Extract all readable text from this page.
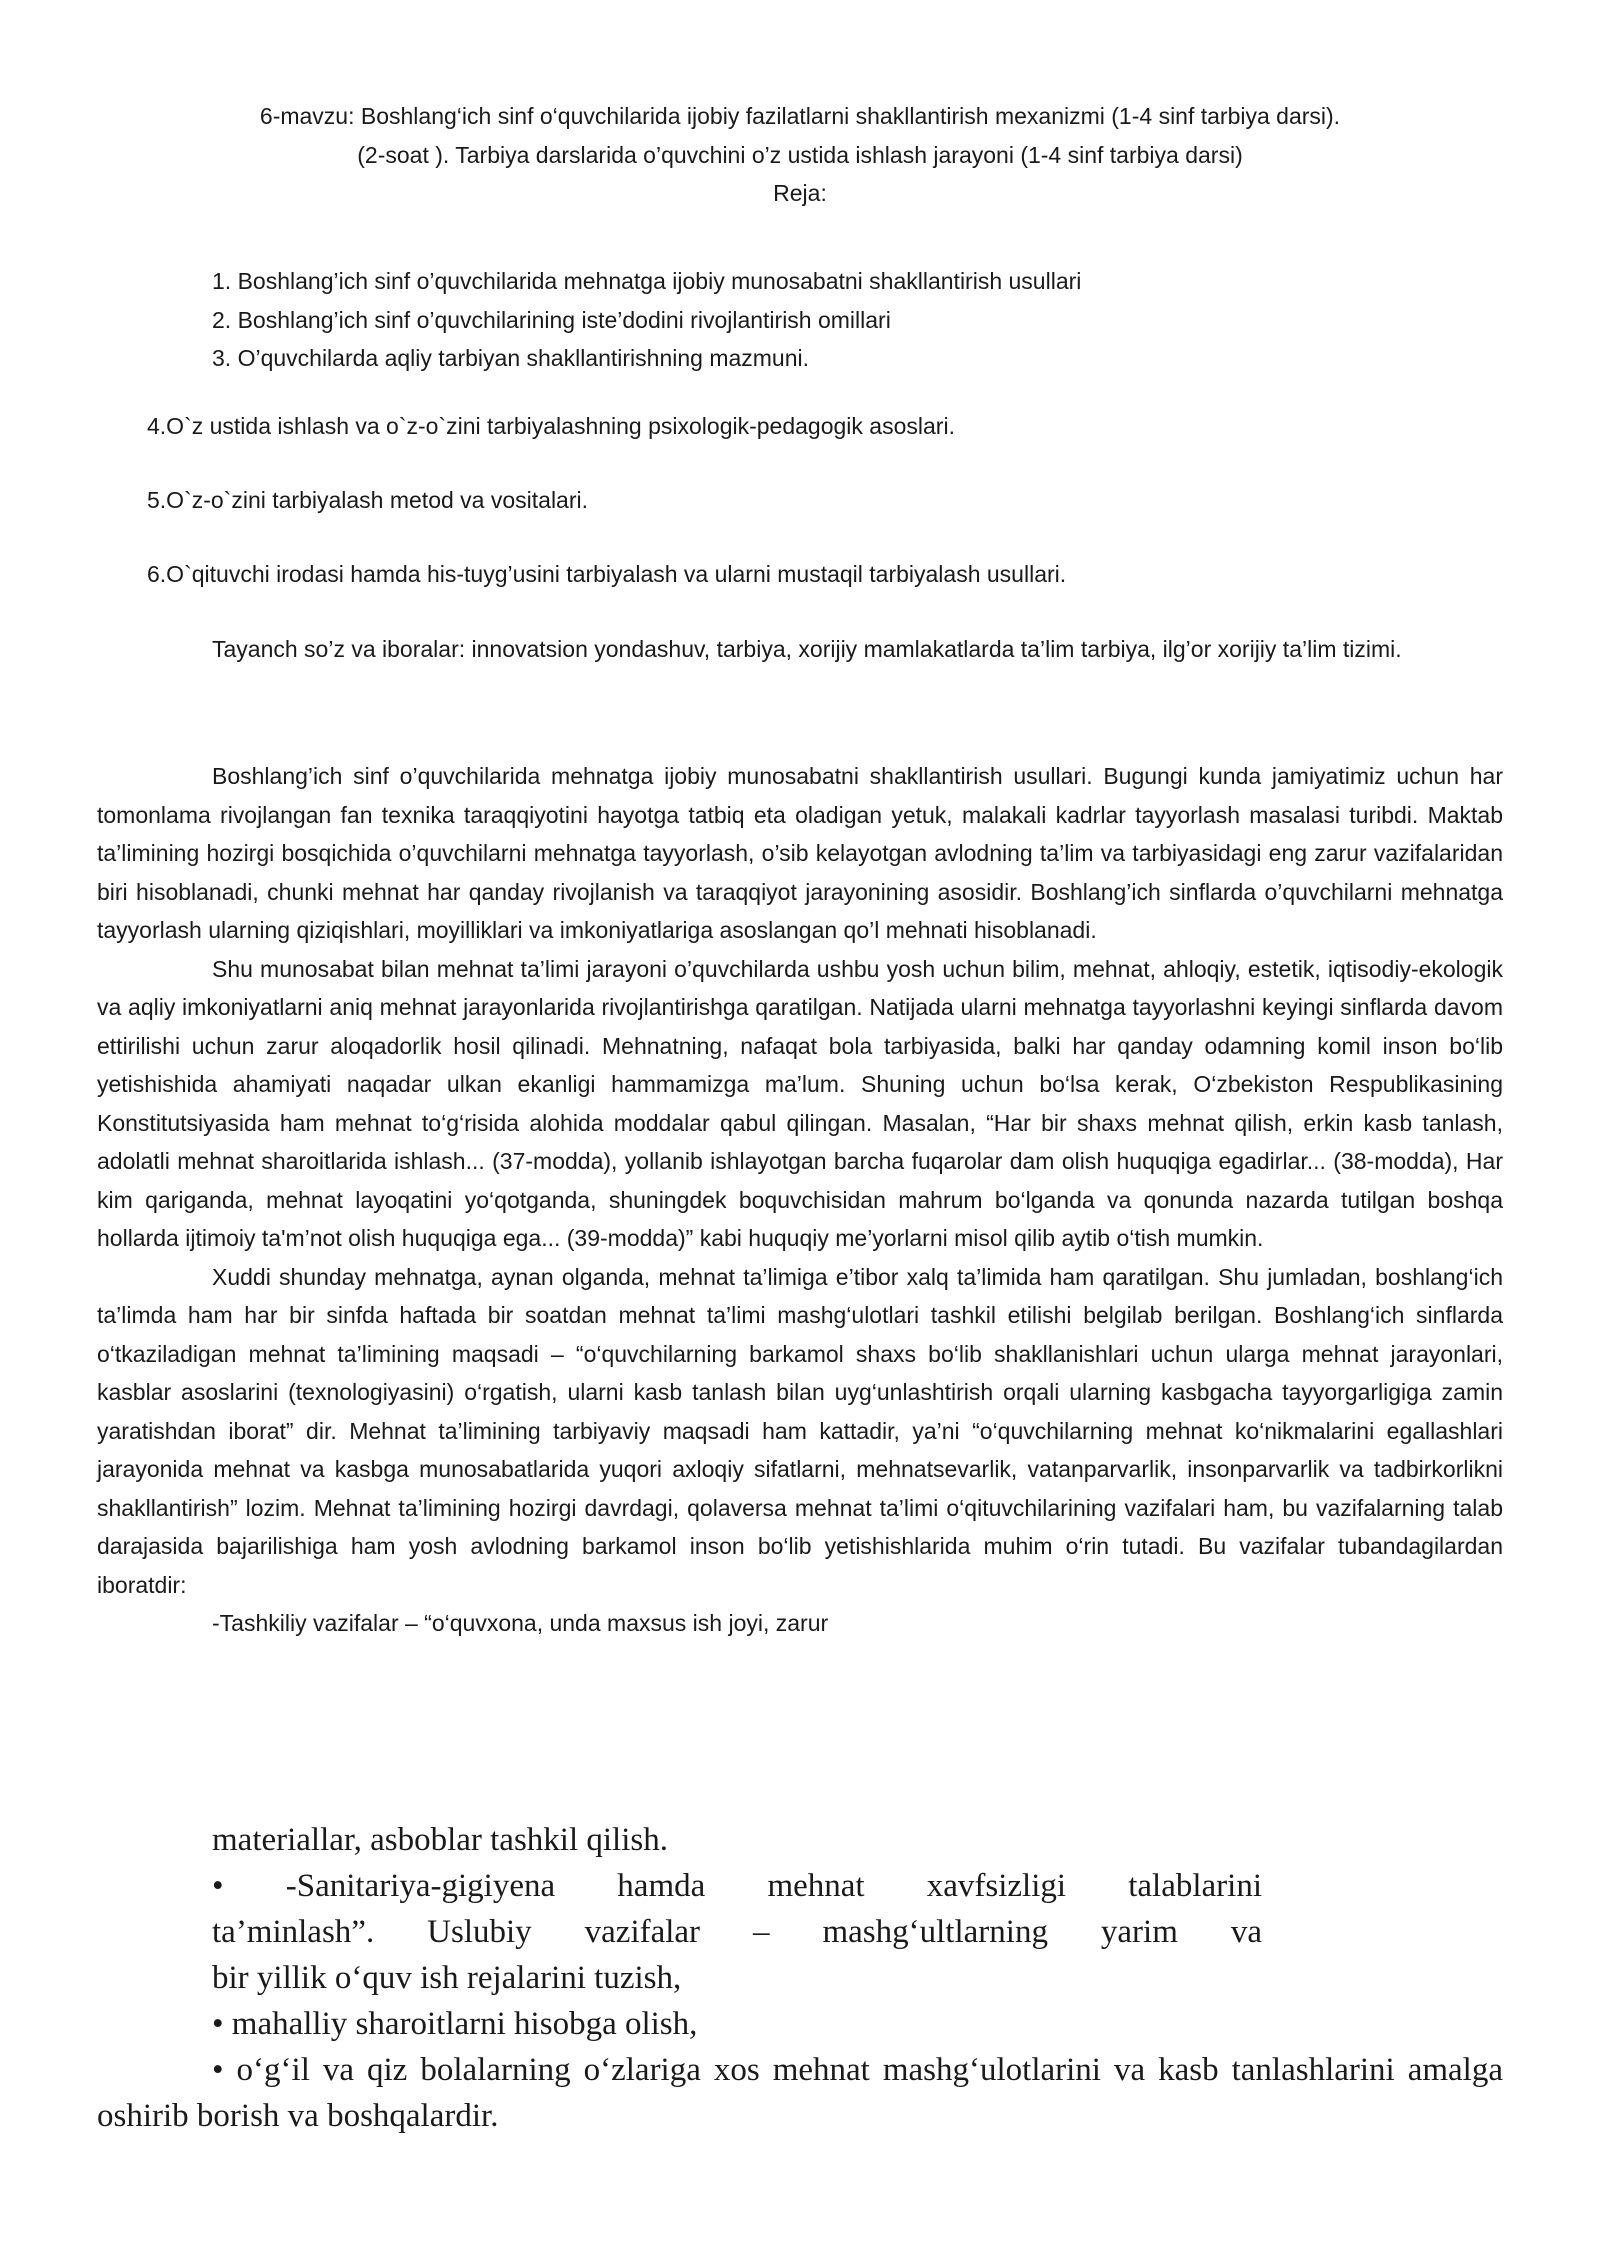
6-mavzu: Boshlang‘ich sinf o‘quvchilarida ijobiy fazilatlarni shakllantirish mexanizmi (1-4 sinf tarbiya darsi).
(2-soat ). Tarbiya darslarida o’quvchini o’z ustida ishlash jarayoni (1-4 sinf tarbiya darsi)
Reja:
1. Boshlang’ich sinf o’quvchilarida mehnatga ijobiy munosabatni shakllantirish usullari
2. Boshlang’ich sinf o’quvchilarining iste’dodini rivojlantirish omillari
3. O’quvchilarda aqliy tarbiyan shakllantirishning mazmuni.
4.O`z ustida ishlash va o`z-o`zini tarbiyalashning psixologik-pedagogik asoslari.
5.O`z-o`zini tarbiyalash metod va vositalari.
6.O`qituvchi irodasi hamda his-tuyg’usini tarbiyalash va ularni mustaqil tarbiyalash usullari.
Tayanch so’z va iboralar: innovatsion yondashuv, tarbiya, xorijiy mamlakatlarda ta’lim tarbiya, ilg’or xorijiy ta’lim tizimi.

Boshlang’ich sinf o’quvchilarida mehnatga ijobiy munosabatni shakllantirish usullari. Bugungi kunda jamiyatimiz uchun har tomonlama rivojlangan fan texnika taraqqiyotini hayotga tatbiq eta oladigan yetuk, malakali kadrlar tayyorlash masalasi turibdi. Maktab ta’limining hozirgi bosqichida o’quvchilarni mehnatga tayyorlash, o’sib kelayotgan avlodning ta’lim va tarbiyasidagi eng zarur vazifalaridan biri hisoblanadi, chunki mehnat har qanday rivojlanish va taraqqiyot jarayonining asosidir. Boshlang’ich sinflarda o’quvchilarni mehnatga tayyorlash ularning qiziqishlari, moyilliklari va imkoniyatlariga asoslangan qo’l mehnati hisoblanadi.

Shu munosabat bilan mehnat ta’limi jarayoni o’quvchilarda ushbu yosh uchun bilim, mehnat, ahloqiy, estetik, iqtisodiy-ekologik va aqliy imkoniyatlarni aniq mehnat jarayonlarida rivojlantirishga qaratilgan. Natijada ularni mehnatga tayyorlashni keyingi sinflarda davom ettirilishi uchun zarur aloqadorlik hosil qilinadi. Mehnatning, nafaqat bola tarbiyasida, balki har qanday odamning komil inson bo‘lib yetishishida ahamiyati naqadar ulkan ekanligi hammamizga ma’lum. Shuning uchun bo‘lsa kerak, O‘zbekiston Respublikasining Konstitutsiyasida ham mehnat to‘g‘risida alohida moddalar qabul qilingan. Masalan, “Har bir shaxs mehnat qilish, erkin kasb tanlash, adolatli mehnat sharoitlarida ishlash... (37-modda), yollanib ishlayotgan barcha fuqarolar dam olish huquqiga egadirlar... (38-modda), Har kim qariganda, mehnat layoqatini yo‘qotganda, shuningdek boquvchisidan mahrum bo‘lganda va qonunda nazarda tutilgan boshqa hollarda ijtimoiy ta'm’not olish huquqiga ega... (39-modda)” kabi huquqiy me’yorlarni misol qilib aytib o‘tish mumkin.

Xuddi shunday mehnatga, aynan olganda, mehnat ta’limiga e’tibor xalq ta’limida ham qaratilgan. Shu jumladan, boshlang‘ich ta’limda ham har bir sinfda haftada bir soatdan mehnat ta’limi mashg‘ulotlari tashkil etilishi belgilab berilgan. Boshlang‘ich sinflarda o‘tkaziladigan mehnat ta’limining maqsadi – “o‘quvchilarning barkamol shaxs bo‘lib shakllanishlari uchun ularga mehnat jarayonlari, kasblar asoslarini (texnologiyasini) o‘rgatish, ularni kasb tanlash bilan uyg‘unlashtirish orqali ularning kasbgacha tayyorgarligiga zamin yaratishdan iborat” dir. Mehnat ta’limining tarbiyaviy maqsadi ham kattadir, ya’ni “o‘quvchilarning mehnat ko‘nikmalarini egallashlari jarayonida mehnat va kasbga munosabatlarida yuqori axloqiy sifatlarni, mehnatsevarlik, vatanparvarlik, insonparvarlik va tadbirkorlikni shakllantirish” lozim. Mehnat ta’limining hozirgi davrdagi, qolaversa mehnat ta’limi o‘qituvchilarining vazifalari ham, bu vazifalarning talab darajasida bajarilishiga ham yosh avlodning barkamol inson bo‘lib yetishishlarida muhim o‘rin tutadi. Bu vazifalar tubandagilardan iboratdir:

-Tashkiliy vazifalar – “o‘quvxona, unda maxsus ish joyi, zarur
materiallar, asboblar tashkil qilish.
• -Sanitariya-gigiyena hamda mehnat xavfsizligi talablarini
ta’minlash”. Uslubiy vazifalar – mashg‘ultlarning yarim va
bir yillik o‘quv ish rejalarini tuzish,
• mahalliy sharoitlarni hisobga olish,
• o‘g‘il va qiz bolalarning o‘zlariga xos mehnat mashg‘ulotlarini va kasb tanlashlarini amalga oshirib borish va boshqalardir.
